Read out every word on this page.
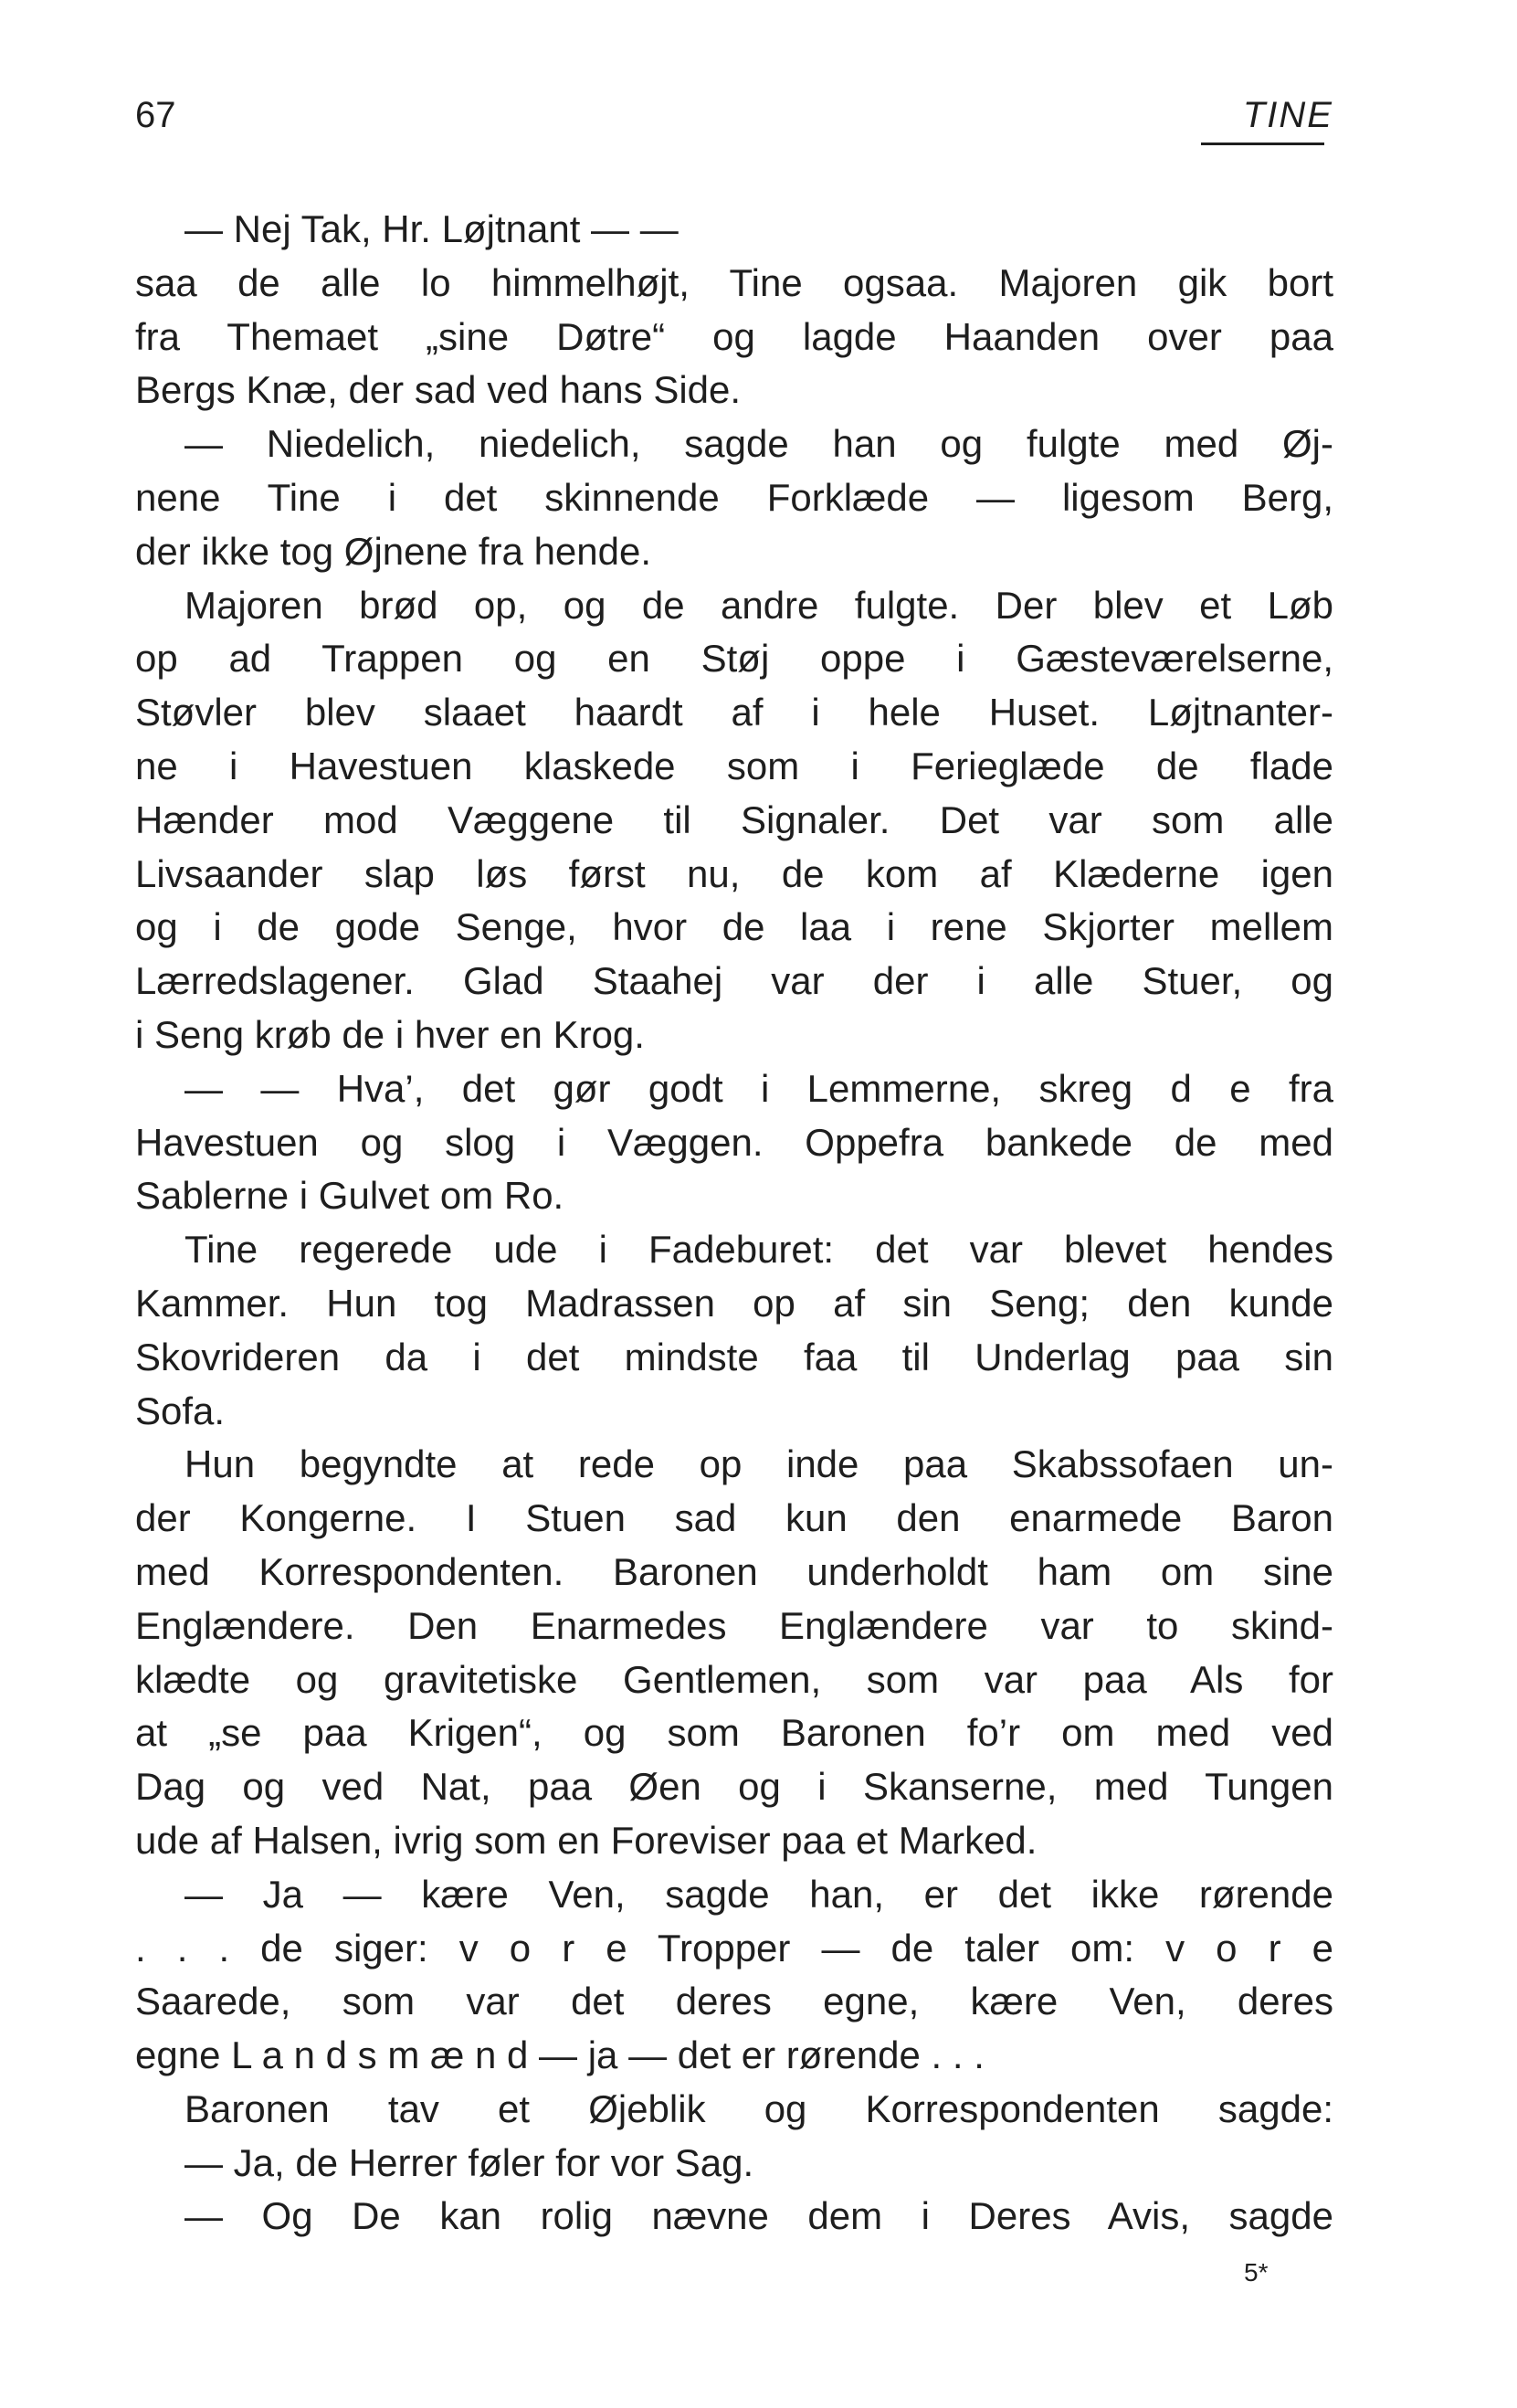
67	TINE
— Nej Tak, Hr. Løjtnant — —
saa de alle lo himmelhøjt, Tine ogsaa. Majoren gik bort
fra Themaet „sine Døtre“ og lagde Haanden over paa
Bergs Knæ, der sad ved hans Side.
— Niedelich, niedelich, sagde han og fulgte med Øj-
nene Tine i det skinnende Forklæde — ligesom Berg,
der ikke tog Øjnene fra hende.
Majoren brød op, og de andre fulgte. Der blev et Løb
op ad Trappen og en Støj oppe i Gæsteværelserne,
Støvler blev slaaet haardt af i hele Huset. Løjtnanter-
ne i Havestuen klaskede som i Ferieglæde de flade
Hænder mod Væggene til Signaler. Det var som alle
Livsaander slap løs først nu, de kom af Klæderne igen
og i de gode Senge, hvor de laa i rene Skjorter mellem
Lærredslagener. Glad Staahej var der i alle Stuer, og
i Seng krøb de i hver en Krog.
— — Hva’, det gør godt i Lemmerne, skreg d e fra
Havestuen og slog i Væggen. Oppefra bankede de med
Sablerne i Gulvet om Ro.
Tine regerede ude i Fadeburet: det var blevet hendes
Kammer. Hun tog Madrassen op af sin Seng; den kunde
Skovrideren da i det mindste faa til Underlag paa sin
Sofa.
Hun begyndte at rede op inde paa Skabssofaen un-
der Kongerne. I Stuen sad kun den enarmede Baron
med Korrespondenten. Baronen underholdt ham om sine
Englændere. Den Enarmedes Englændere var to skind-
klædte og gravitetiske Gentlemen, som var paa Als for
at „se paa Krigen“, og som Baronen fo’r om med ved
Dag og ved Nat, paa Øen og i Skanserne, med Tungen
ude af Halsen, ivrig som en Foreviser paa et Marked.
— Ja — kære Ven, sagde han, er det ikke rørende
. . . de siger: v o r e Tropper — de taler om: v o r e
Saarede, som var det deres egne, kære Ven, deres
egne L a n d s m æ n d — ja — det er rørende . . .
Baronen tav et Øjeblik og Korrespondenten sagde:
— Ja, de Herrer føler for vor Sag.
— Og De kan rolig nævne dem i Deres Avis, sagde
5*
